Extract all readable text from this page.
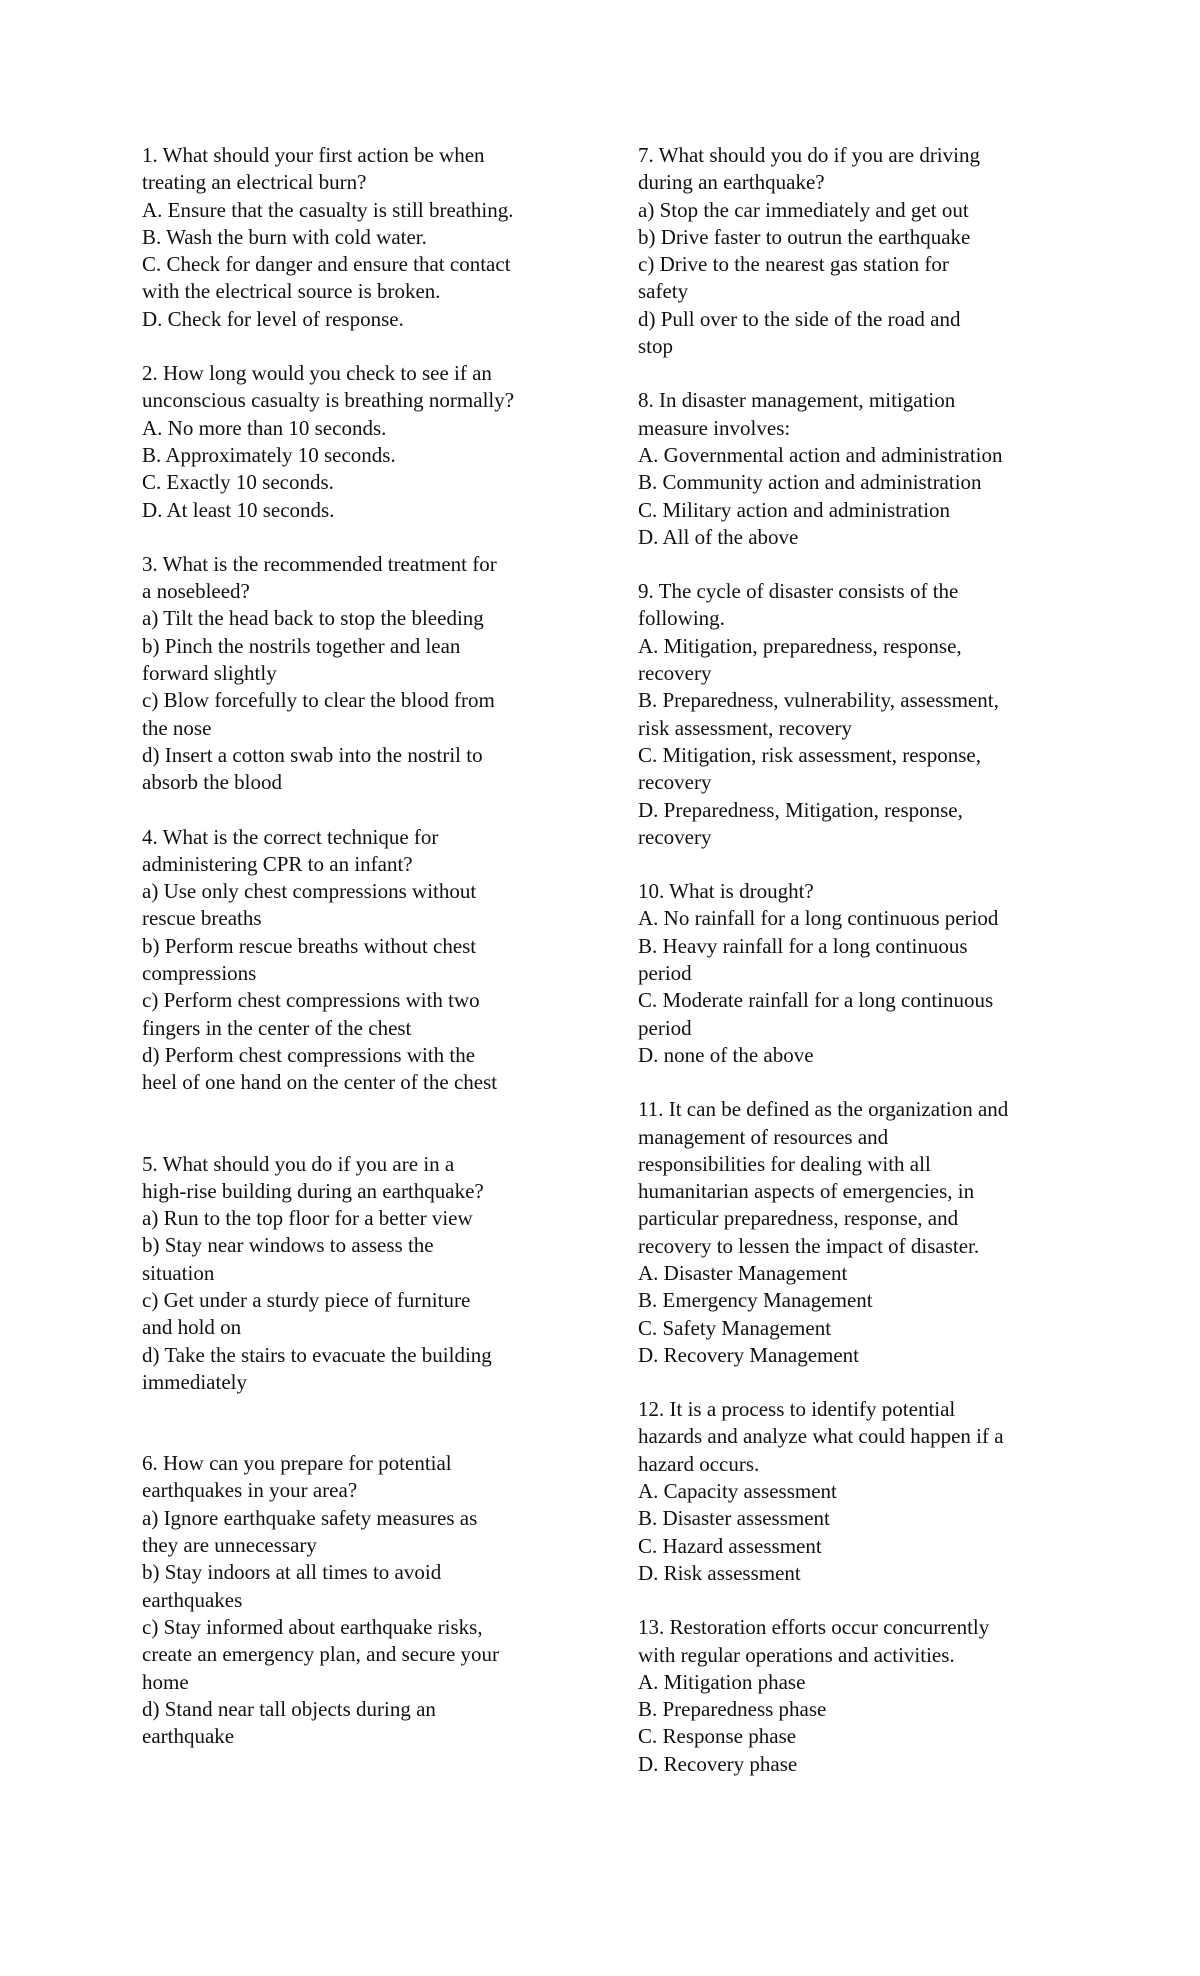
1. What should your first action be when

treating an electrical burn?

A. Ensure that the casualty is still breathing.

B. Wash the burn with cold water.

C. Check for danger and ensure that contact

with the electrical source is broken.

D. Check for level of response.

2. How long would you check to see if an

unconscious casualty is breathing normally?

A. No more than 10 seconds.

B. Approximately 10 seconds.

C. Exactly 10 seconds.

D. At least 10 seconds.

3. What is the recommended treatment for

a nosebleed?

a) Tilt the head back to stop the bleeding

b) Pinch the nostrils together and lean

forward slightly

c) Blow forcefully to clear the blood from

the nose

d) Insert a cotton swab into the nostril to

absorb the blood

4. What is the correct technique for

administering CPR to an infant?

a) Use only chest compressions without

rescue breaths

b) Perform rescue breaths without chest

compressions

c) Perform chest compressions with two

fingers in the center of the chest

d) Perform chest compressions with the

heel of one hand on the center of the chest

5. What should you do if you are in a

high-rise building during an earthquake?

a) Run to the top floor for a better view

b) Stay near windows to assess the

situation

c) Get under a sturdy piece of furniture

and hold on

d) Take the stairs to evacuate the building

immediately

6. How can you prepare for potential

earthquakes in your area?

a) Ignore earthquake safety measures as

they are unnecessary

b) Stay indoors at all times to avoid

earthquakes

c) Stay informed about earthquake risks,

create an emergency plan, and secure your

home

d) Stand near tall objects during an

earthquake

7. What should you do if you are driving

during an earthquake?

a) Stop the car immediately and get out

b) Drive faster to outrun the earthquake

c) Drive to the nearest gas station for

safety

d) Pull over to the side of the road and

stop

8. In disaster management, mitigation

measure involves:

A. Governmental action and administration

B. Community action and administration

C. Military action and administration

D. All of the above

9. The cycle of disaster consists of the

following.

A. Mitigation, preparedness, response,

recovery

B. Preparedness, vulnerability, assessment,

risk assessment, recovery

C. Mitigation, risk assessment, response,

recovery

D. Preparedness, Mitigation, response,

recovery

10. What is drought?

A. No rainfall for a long continuous period

B. Heavy rainfall for a long continuous

period

C. Moderate rainfall for a long continuous

period

D. none of the above

11. It can be defined as the organization and

management of resources and

responsibilities for dealing with all

humanitarian aspects of emergencies, in

particular preparedness, response, and

recovery to lessen the impact of disaster.

A. Disaster Management

B. Emergency Management

C. Safety Management

D. Recovery Management

12. It is a process to identify potential

hazards and analyze what could happen if a

hazard occurs.

A. Capacity assessment

B. Disaster assessment

C. Hazard assessment

D. Risk assessment

13. Restoration efforts occur concurrently

with regular operations and activities.

A. Mitigation phase

B. Preparedness phase

C. Response phase

D. Recovery phase
